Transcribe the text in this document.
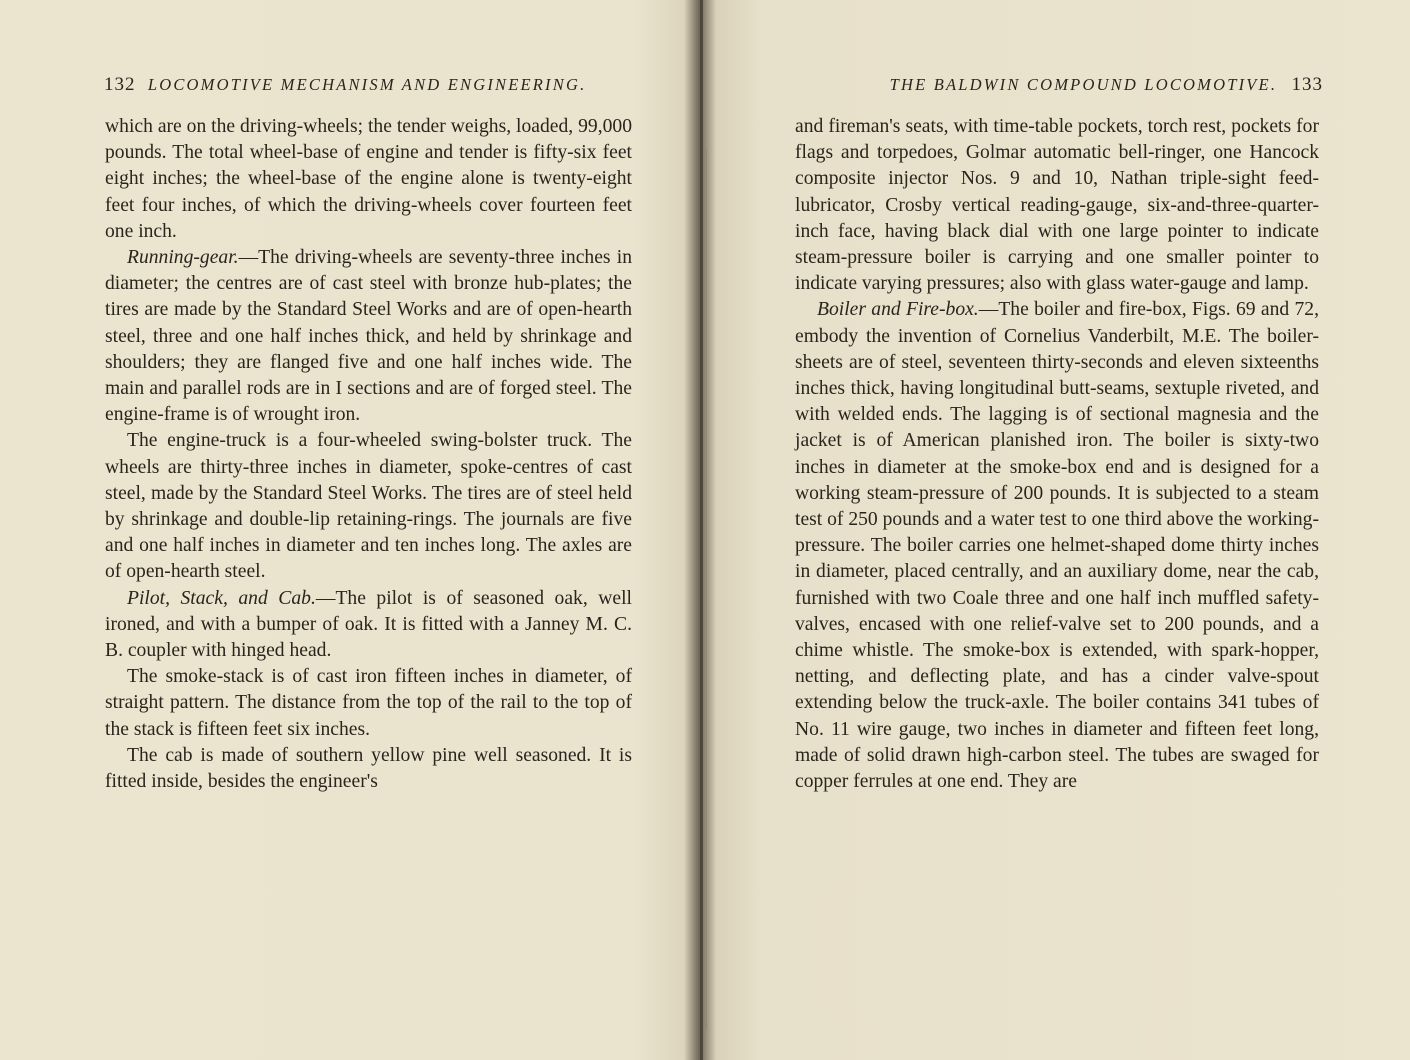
132 LOCOMOTIVE MECHANISM AND ENGINEERING.

which are on the driving-wheels; the tender weighs, loaded, 99,000 pounds. The total wheel-base of engine and tender is fifty-six feet eight inches; the wheel-base of the engine alone is twenty-eight feet four inches, of which the driving-wheels cover fourteen feet one inch.

Running-gear.—The driving-wheels are seventy-three inches in diameter; the centres are of cast steel with bronze hub-plates; the tires are made by the Standard Steel Works and are of open-hearth steel, three and one half inches thick, and held by shrinkage and shoulders; they are flanged five and one half inches wide. The main and parallel rods are in I sections and are of forged steel. The engine-frame is of wrought iron.

The engine-truck is a four-wheeled swing-bolster truck. The wheels are thirty-three inches in diameter, spoke-centres of cast steel, made by the Standard Steel Works. The tires are of steel held by shrinkage and double-lip retaining-rings. The journals are five and one half inches in diameter and ten inches long. The axles are of open-hearth steel.

Pilot, Stack, and Cab.—The pilot is of seasoned oak, well ironed, and with a bumper of oak. It is fitted with a Janney M. C. B. coupler with hinged head.

The smoke-stack is of cast iron fifteen inches in diameter, of straight pattern. The distance from the top of the rail to the top of the stack is fifteen feet six inches.

The cab is made of southern yellow pine well seasoned. It is fitted inside, besides the engineer's

THE BALDWIN COMPOUND LOCOMOTIVE. 133

and fireman's seats, with time-table pockets, torch rest, pockets for flags and torpedoes, Golmar automatic bell-ringer, one Hancock composite injector Nos. 9 and 10, Nathan triple-sight feed-lubricator, Crosby vertical reading-gauge, six-and-three-quarter-inch face, having black dial with one large pointer to indicate steam-pressure boiler is carrying and one smaller pointer to indicate varying pressures; also with glass water-gauge and lamp.

Boiler and Fire-box.—The boiler and fire-box, Figs. 69 and 72, embody the invention of Cornelius Vanderbilt, M.E. The boiler-sheets are of steel, seventeen thirty-seconds and eleven sixteenths inches thick, having longitudinal butt-seams, sextuple riveted, and with welded ends. The lagging is of sectional magnesia and the jacket is of American planished iron. The boiler is sixty-two inches in diameter at the smoke-box end and is designed for a working steam-pressure of 200 pounds. It is subjected to a steam test of 250 pounds and a water test to one third above the working-pressure. The boiler carries one helmet-shaped dome thirty inches in diameter, placed centrally, and an auxiliary dome, near the cab, furnished with two Coale three and one half inch muffled safety-valves, encased with one relief-valve set to 200 pounds, and a chime whistle. The smoke-box is extended, with spark-hopper, netting, and deflecting plate, and has a cinder valve-spout extending below the truck-axle. The boiler contains 341 tubes of No. 11 wire gauge, two inches in diameter and fifteen feet long, made of solid drawn high-carbon steel. The tubes are swaged for copper ferrules at one end. They are
